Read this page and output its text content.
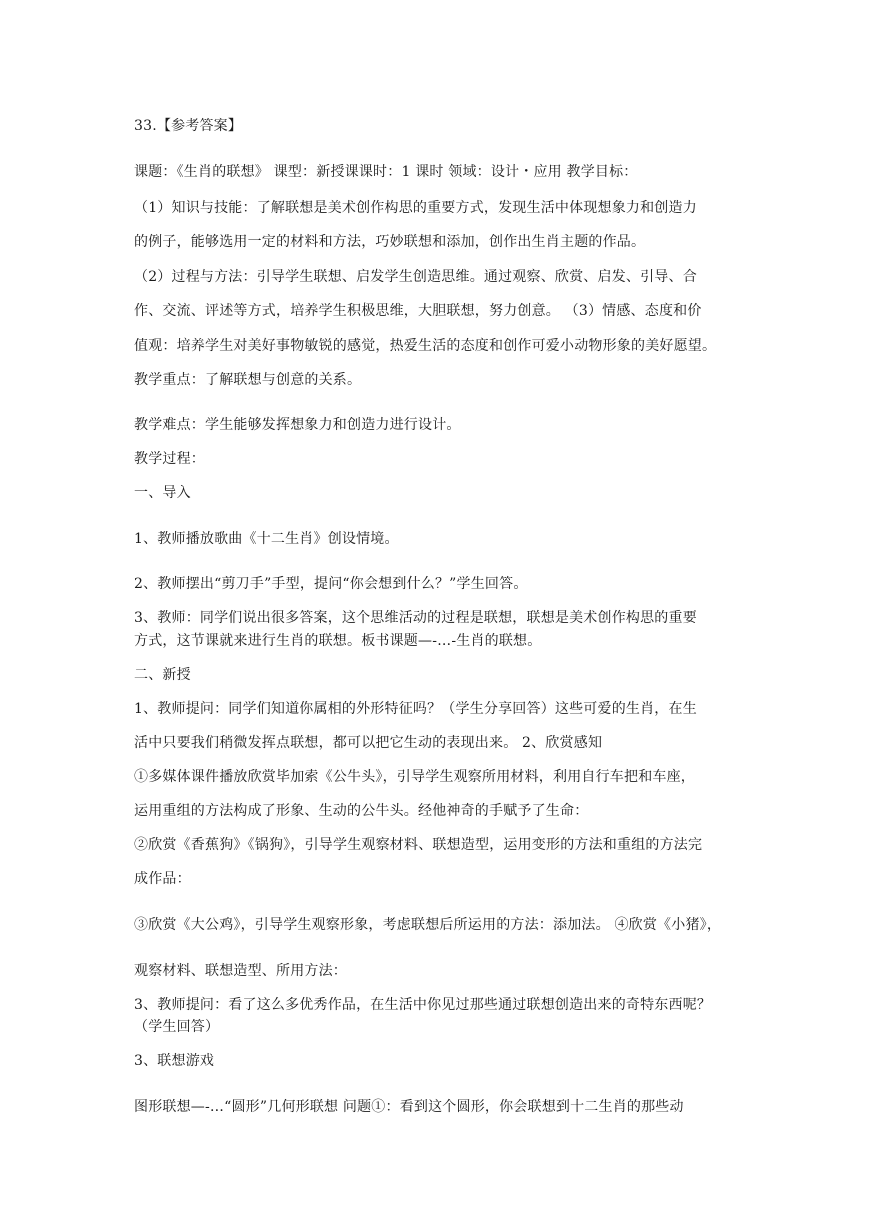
33.【参考答案】
课题：《生肖的联想》 课型：新授课课时：1 课时 领域：设计・应用 教学目标：
（1）知识与技能：了解联想是美术创作构思的重要方式，发现生活中体现想象力和创造力
的例子，能够选用一定的材料和方法，巧妙联想和添加，创作出生肖主题的作品。
（2）过程与方法：引导学生联想、启发学生创造思维。通过观察、欣赏、启发、引导、合
作、交流、评述等方式，培养学生积极思维，大胆联想，努力创意。 （3）情感、态度和价
值观：培养学生对美好事物敏锐的感觉，热爱生活的态度和创作可爱小动物形象的美好愿望。
教学重点：了解联想与创意的关系。
教学难点：学生能够发挥想象力和创造力进行设计。
教学过程：
一、导入
1、教师播放歌曲《十二生肖》创设情境。
2、教师摆出“剪刀手”手型，提问“你会想到什么？”学生回答。
3、教师：同学们说出很多答案，这个思维活动的过程是联想，联想是美术创作构思的重要
方式，这节课就来进行生肖的联想。板书课题—-…-生肖的联想。
二、新授
1、教师提问：同学们知道你属相的外形特征吗？（学生分享回答）这些可爱的生肖，在生
活中只要我们稍微发挥点联想，都可以把它生动的表现出来。 2、欣赏感知
①多媒体课件播放欣赏毕加索《公牛头》，引导学生观察所用材料，利用自行车把和车座，
运用重组的方法构成了形象、生动的公牛头。经他神奇的手赋予了生命：
②欣赏《香蕉狗》《锅狗》，引导学生观察材料、联想造型，运用变形的方法和重组的方法完
成作品：
③欣赏《大公鸡》，引导学生观察形象，考虑联想后所运用的方法：添加法。 ④欣赏《小猪》，
观察材料、联想造型、所用方法：
3、教师提问：看了这么多优秀作品，在生活中你见过那些通过联想创造出来的奇特东西呢？
（学生回答）
3、联想游戏
图形联想—-…“圆形”几何形联想 问题①：看到这个圆形，你会联想到十二生肖的那些动
